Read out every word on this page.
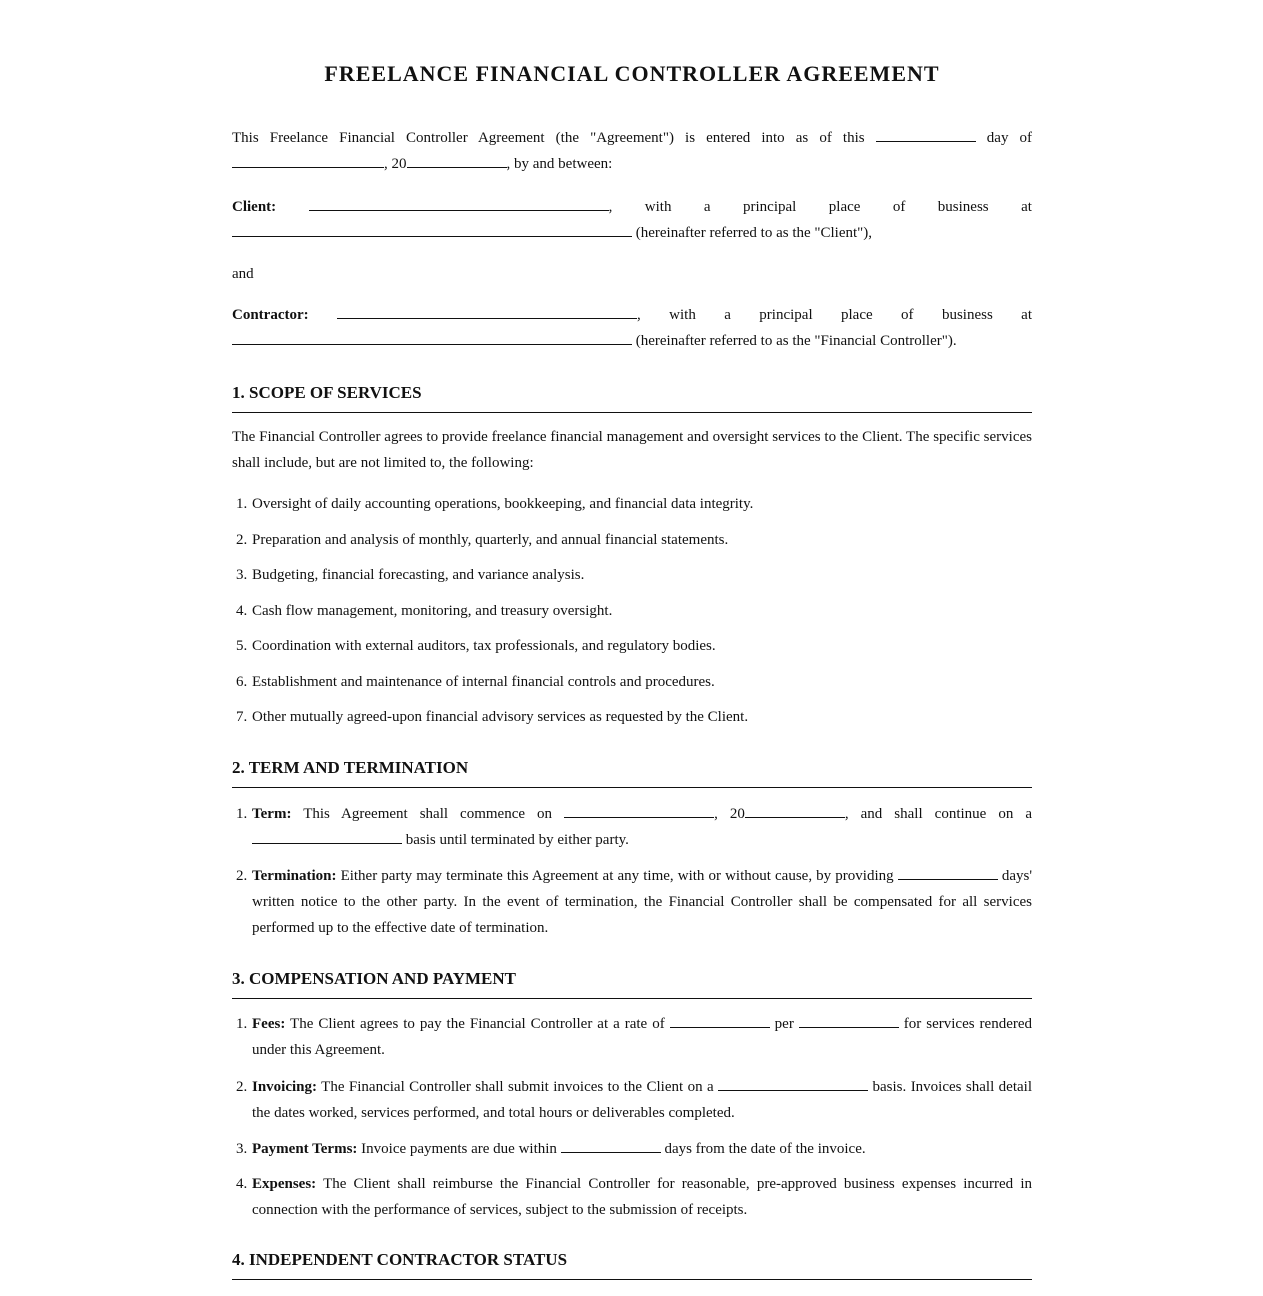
FREELANCE FINANCIAL CONTROLLER AGREEMENT

This Freelance Financial Controller Agreement (the "Agreement") is entered into as of this	day of , 20	, by and between:

Client:	, with a principal place of business at
(hereinafter referred to as the "Client"),

and

Contractor:	, with a principal place of business at
(hereinafter referred to as the "Financial Controller").
1. SCOPE OF SERVICES

The Financial Controller agrees to provide freelance financial management and oversight services to the Client. The specific services shall include, but are not limited to, the following:

1. Oversight of daily accounting operations, bookkeeping, and financial data integrity.
2. Preparation and analysis of monthly, quarterly, and annual financial statements.
3. Budgeting, financial forecasting, and variance analysis.
4. Cash flow management, monitoring, and treasury oversight.
5. Coordination with external auditors, tax professionals, and regulatory bodies.
6. Establishment and maintenance of internal financial controls and procedures.
7. Other mutually agreed-upon financial advisory services as requested by the Client.
2. TERM AND TERMINATION
1. Term: This Agreement shall commence on	, 20	, and shall continue on a  basis until terminated by either party.
2. Termination: Either party may terminate this Agreement at any time, with or without cause, by providing	days' written notice to the other party. In the event of termination, the Financial Controller shall be compensated for all services performed up to the effective date of termination.
3. COMPENSATION AND PAYMENT
1. Fees: The Client agrees to pay the Financial Controller at a rate of	per	for services rendered under this Agreement.
2. Invoicing: The Financial Controller shall submit invoices to the Client on a	basis. Invoices shall detail the dates worked, services performed, and total hours or deliverables completed.
3. Payment Terms: Invoice payments are due within	days from the date of the invoice.
4. Expenses: The Client shall reimburse the Financial Controller for reasonable, pre-approved business expenses incurred in connection with the performance of services, subject to the submission of receipts.
4. INDEPENDENT CONTRACTOR STATUS
